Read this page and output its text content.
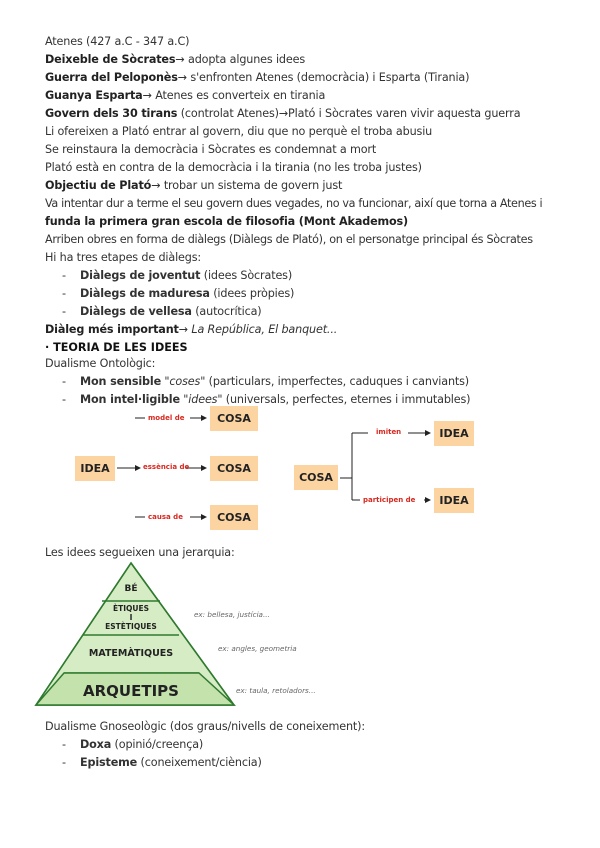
Atenes (427 a.C - 347 a.C)
Deixeble de Sòcrates→ adopta algunes idees
Guerra del Peloponès→ s'enfronten Atenes (democràcia) i Esparta (Tirania)
Guanya Esparta→ Atenes es converteix en tirania
Govern dels 30 tirans (controlat Atenes)→Plató i Sòcrates varen vivir aquesta guerra
Li ofereixen a Plató entrar al govern, diu que no perquè el troba abusiu
Se reinstaura la democràcia i Sòcrates es condemnat a mort
Plató està en contra de la democràcia i la tirania (no les troba justes)
Objectiu de Plató→ trobar un sistema de govern just
Va intentar dur a terme el seu govern dues vegades, no va funcionar, així que torna a Atenes i
funda la primera gran escola de filosofia (Mont Akademos)
Arriben obres en forma de diàlegs (Diàlegs de Plató), on el personatge principal és Sòcrates
Hi ha tres etapes de diàlegs:
- Diàlegs de joventut (idees Sòcrates)
- Diàlegs de maduresa (idees pròpies)
- Diàlegs de vellesa (autocrítica)
Diàleg més important→ La República, El banquet...
· TEORIA DE LES IDEES
Dualisme Ontològic:
- Mon sensible "coses" (particulars, imperfectes, caduques i canviants)
- Mon intel·ligible "idees" (universals, perfectes, eternes i immutables)
IDEA
COSA
COSA
COSA
model de
essència de
causa de
COSA
IDEA
IDEA
imiten
participen de
Les idees segueixen una jerarquia:
BÉ
ÈTIQUES
I
ESTÈTIQUES
MATEMÀTIQUES
ARQUETIPS
ex: bellesa, justícia...
ex: angles, geometria
ex: taula, retoladors...
Dualisme Gnoseològic (dos graus/nivells de coneixement):
- Doxa (opinió/creença)
- Episteme (coneixement/ciència)
